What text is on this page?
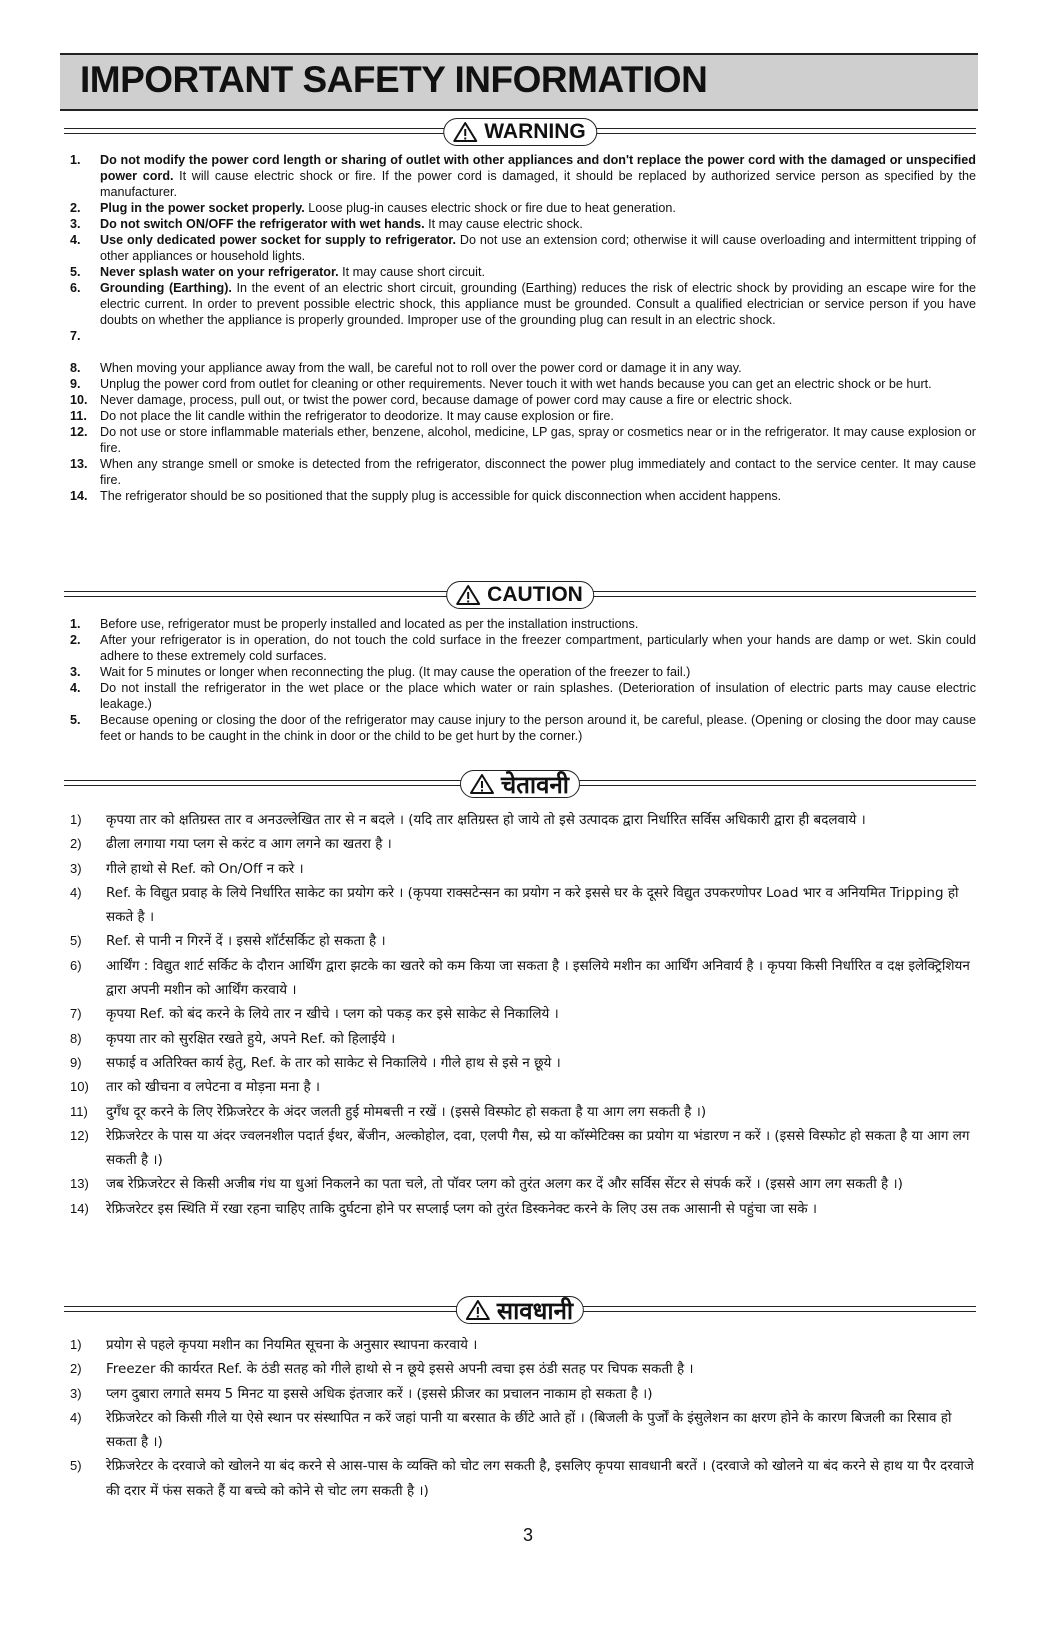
IMPORTANT SAFETY INFORMATION
WARNING
1. Do not modify the power cord length or sharing of outlet with other appliances and don't replace the power cord with the damaged or unspecified power cord. It will cause electric shock or fire. If the power cord is damaged, it should be replaced by authorized service person as specified by the manufacturer.
2. Plug in the power socket properly. Loose plug-in causes electric shock or fire due to heat generation.
3. Do not switch ON/OFF the refrigerator with wet hands. It may cause electric shock.
4. Use only dedicated power socket for supply to refrigerator. Do not use an extension cord; otherwise it will cause overloading and intermittent tripping of other appliances or household lights.
5. Never splash water on your refrigerator. It may cause short circuit.
6. Grounding (Earthing). In the event of an electric short circuit, grounding (Earthing) reduces the risk of electric shock by providing an escape wire for the electric current. In order to prevent possible electric shock, this appliance must be grounded. Consult a qualified electrician or service person if you have doubts on whether the appliance is properly grounded. Improper use of the grounding plug can result in an electric shock.
7.
8. When moving your appliance away from the wall, be careful not to roll over the power cord or damage it in any way.
9. Unplug the power cord from outlet for cleaning or other requirements. Never touch it with wet hands because you can get an electric shock or be hurt.
10. Never damage, process, pull out, or twist the power cord, because damage of power cord may cause a fire or electric shock.
11. Do not place the lit candle within the refrigerator to deodorize. It may cause explosion or fire.
12. Do not use or store inflammable materials ether, benzene, alcohol, medicine, LP gas, spray or cosmetics near or in the refrigerator. It may cause explosion or fire.
13. When any strange smell or smoke is detected from the refrigerator, disconnect the power plug immediately and contact to the service center. It may cause fire.
14. The refrigerator should be so positioned that the supply plug is accessible for quick disconnection when accident happens.
CAUTION
1. Before use, refrigerator must be properly installed and located as per the installation instructions.
2. After your refrigerator is in operation, do not touch the cold surface in the freezer compartment, particularly when your hands are damp or wet. Skin could adhere to these extremely cold surfaces.
3. Wait for 5 minutes or longer when reconnecting the plug. (It may cause the operation of the freezer to fail.)
4. Do not install the refrigerator in the wet place or the place which water or rain splashes. (Deterioration of insulation of electric parts may cause electric leakage.)
5. Because opening or closing the door of the refrigerator may cause injury to the person around it, be careful, please. (Opening or closing the door may cause feet or hands to be caught in the chink in door or the child to be get hurt by the corner.)
चेतावनी
1) कृपया तार को क्षतिग्रस्त तार व अनउल्लेखित तार से न बदले । (यदि तार क्षतिग्रस्त हो जाये तो इसे उत्पादक द्वारा निर्धारित सर्विस अधिकारी द्वारा ही बदलवाये ।
2) ढीला लगाया गया प्लग से करंट व आग लगने का खतरा है ।
3) गीले हाथो से Ref. को On/Off न करे ।
4) Ref. के विद्युत प्रवाह के लिये निर्धारित साकेट का प्रयोग करे । (कृपया राक्सटेन्सन का प्रयोग न करे इससे घर के दूसरे विद्युत उपकरणोपर Load भार व अनियमित Tripping हो सकते है ।
5) Ref. से पानी न गिरनें दें । इससे शॉर्टसर्किट हो सकता है ।
6) आर्थिंग : विद्युत शार्ट सर्किट के दौरान आर्थिंग द्वारा झटके का खतरे को कम किया जा सकता है । इसलिये मशीन का आर्थिंग अनिवार्य है । कृपया किसी निर्धारित व दक्ष इलेक्ट्रिशियन द्वारा अपनी मशीन को आर्थिंग करवाये ।
7) कृपया Ref. को बंद करने के लिये तार न खीचे । प्लग को पकड़ कर इसे साकेट से निकालिये ।
8) कृपया तार को सुरक्षित रखते हुये, अपने Ref. को हिलाईये ।
9) सफाई व अतिरिक्त कार्य हेतु, Ref. के तार को साकेट से निकालिये । गीले हाथ से इसे न छूये ।
10) तार को खीचना व लपेटना व मोड़ना मना है ।
11) दुगँध दूर करने के लिए रेफ्रिजरेटर के अंदर जलती हुई मोमबत्ती न रखें । (इससे विस्फोट हो सकता है या आग लग सकती है ।)
12) रेफ्रिजरेटर के पास या अंदर ज्वलनशील पदार्त ईथर, बेंजीन, अल्कोहोल, दवा, एलपी गैस, स्प्रे या कॉस्मेटिक्स का प्रयोग या भंडारण न करें । (इससे विस्फोट हो सकता है या आग लग सकती है ।)
13) जब रेफ्रिजरेटर से किसी अजीब गंध या धुआं निकलने का पता चले, तो पॉवर प्लग को तुरंत अलग कर दें और सर्विस सेंटर से संपर्क करें । (इससे आग लग सकती है ।)
14) रेफ्रिजरेटर इस स्थिति में रखा रहना चाहिए ताकि दुर्घटना होने पर सप्लाई प्लग को तुरंत डिस्कनेक्ट करने के लिए उस तक आसानी से पहुंचा जा सके ।
सावधानी
1) प्रयोग से पहले कृपया मशीन का नियमित सूचना के अनुसार स्थापना करवाये ।
2) Freezer की कार्यरत Ref. के ठंडी सतह को गीले हाथो से न छूये इससे अपनी त्वचा इस ठंडी सतह पर चिपक सकती है ।
3) प्लग दुबारा लगाते समय 5 मिनट या इससे अधिक इंतजार करें । (इससे फ्रीजर का प्रचालन नाकाम हो सकता है ।)
4) रेफ्रिजरेटर को किसी गीले या ऐसे स्थान पर संस्थापित न करें जहां पानी या बरसात के छींटे आते हों । (बिजली के पुर्जों के इंसुलेशन का क्षरण होने के कारण बिजली का रिसाव हो सकता है ।)
5) रेफ्रिजरेटर के दरवाजे को खोलने या बंद करने से आस-पास के व्यक्ति को चोट लग सकती है, इसलिए कृपया सावधानी बरतें । (दरवाजे को खोलने या बंद करने से हाथ या पैर दरवाजे की दरार में फंस सकते हैं या बच्चे को कोने से चोट लग सकती है ।)
3
